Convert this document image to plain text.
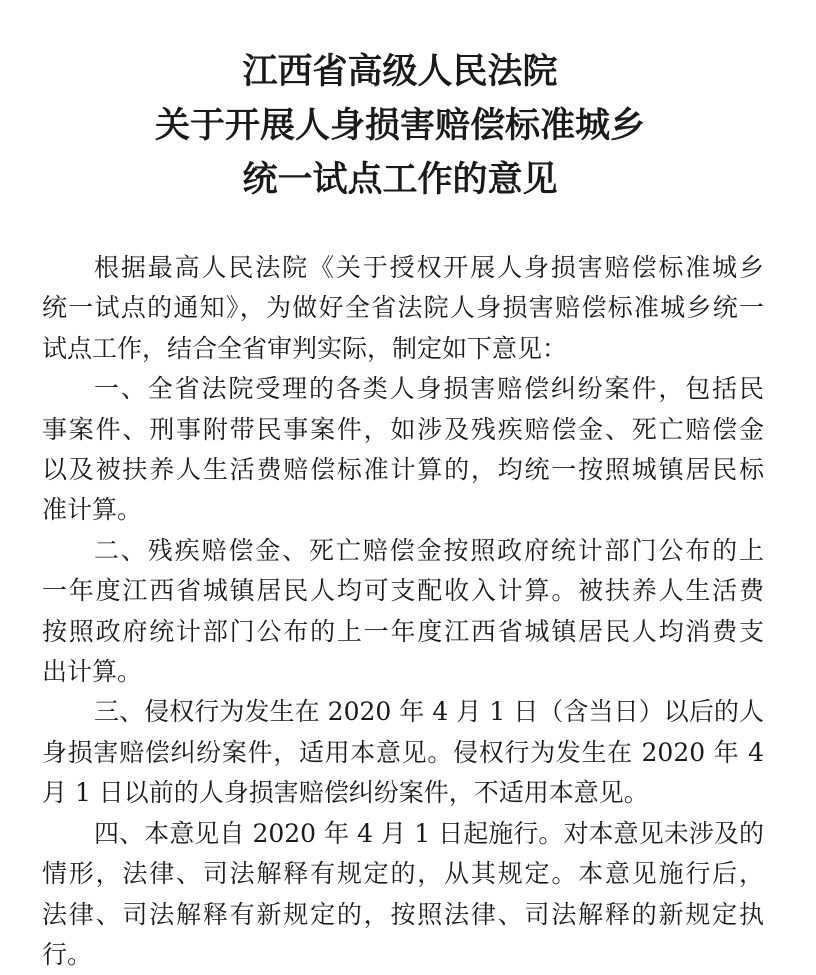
江西省高级人民法院
关于开展人身损害赔偿标准城乡
统一试点工作的意见
根据最高人民法院《关于授权开展人身损害赔偿标准城乡
统一试点的通知》，为做好全省法院人身损害赔偿标准城乡统一
试点工作，结合全省审判实际，制定如下意见：
一、全省法院受理的各类人身损害赔偿纠纷案件，包括民
事案件、刑事附带民事案件，如涉及残疾赔偿金、死亡赔偿金
以及被扶养人生活费赔偿标准计算的，均统一按照城镇居民标
准计算。
二、残疾赔偿金、死亡赔偿金按照政府统计部门公布的上
一年度江西省城镇居民人均可支配收入计算。被扶养人生活费
按照政府统计部门公布的上一年度江西省城镇居民人均消费支
出计算。
三、侵权行为发生在 2020 年 4 月 1 日（含当日）以后的人
身损害赔偿纠纷案件，适用本意见。侵权行为发生在 2020 年 4
月 1 日以前的人身损害赔偿纠纷案件，不适用本意见。
四、本意见自 2020 年 4 月 1 日起施行。对本意见未涉及的
情形，法律、司法解释有规定的，从其规定。本意见施行后，
法律、司法解释有新规定的，按照法律、司法解释的新规定执
行。
